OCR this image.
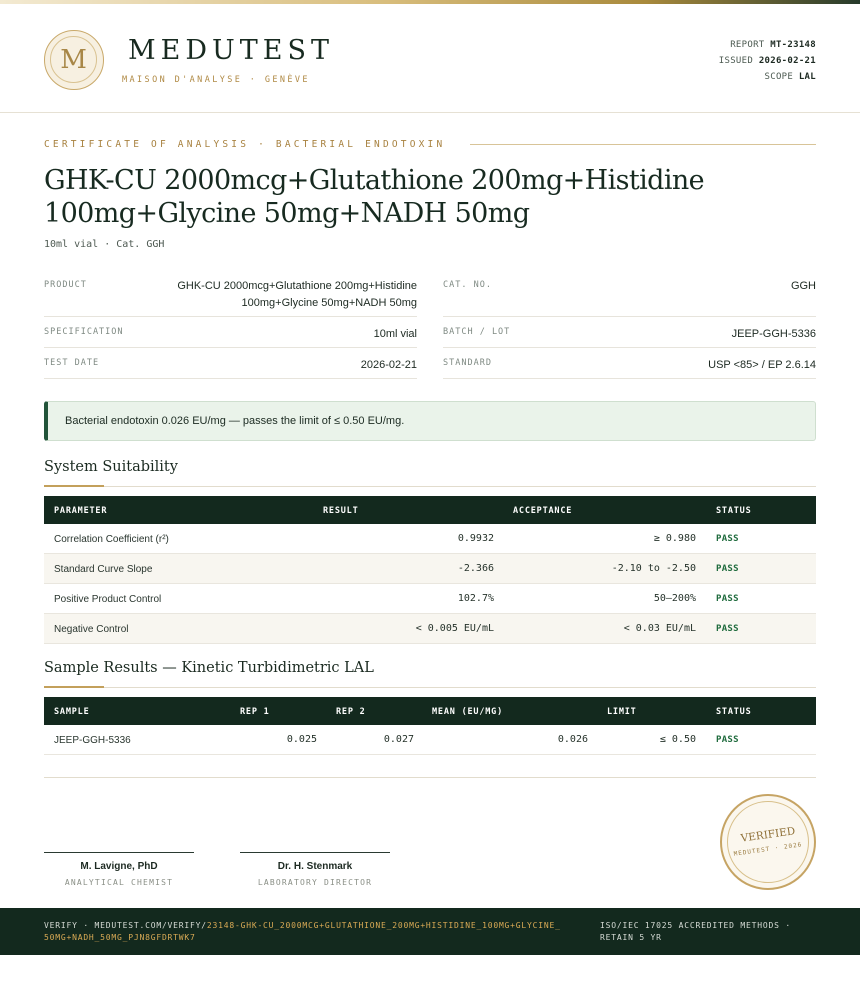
M	MEDUTEST
MAISON D'ANALYSE · GENÈVE
REPORT MT-23148
ISSUED 2026-02-21
SCOPE LAL
CERTIFICATE OF ANALYSIS · BACTERIAL ENDOTOXIN
GHK-CU 2000mcg+Glutathione 200mg+Histidine 100mg+Glycine 50mg+NADH 50mg
10ml vial · Cat. GGH
PRODUCT	GHK-CU 2000mcg+Glutathione 200mg+Histidine 100mg+Glycine 50mg+NADH 50mg
CAT. NO.	GGH
SPECIFICATION	10ml vial	BATCH / LOT	JEEP-GGH-5336
TEST DATE	2026-02-21	STANDARD	USP <85> / EP 2.6.14
Bacterial endotoxin 0.026 EU/mg — passes the limit of ≤ 0.50 EU/mg.
System Suitability
PARAMETER	RESULT	ACCEPTANCE	STATUS
Correlation Coefficient (r²)	0.9932	≥ 0.980 PASS
Standard Curve Slope	-2.366	-2.10 to -2.50 PASS
Positive Product Control	102.7%	50–200% PASS
Negative Control	< 0.005 EU/mL	< 0.03 EU/mL PASS
Sample Results — Kinetic Turbidimetric LAL
SAMPLE	REP 1	REP 2	MEAN (EU/MG)	LIMIT	STATUS
JEEP-GGH-5336	0.025	0.027	0.026	≤ 0.50 PASS
M. Lavigne, PhD
ANALYTICAL CHEMIST
Dr. H. Stenmark
LABORATORY DIRECTOR
VERIFIED
MEDUTEST · 2026
VERIFY · MEDUTEST.COM/VERIFY/23148-GHK-CU_2000MCG+GLUTATHIONE_200MG+HISTIDINE_100MG+GLYCINE_50MG+NADH_50MG_PJN8GFDRTWK7
ISO/IEC 17025 ACCREDITED METHODS · RETAIN 5 YR
